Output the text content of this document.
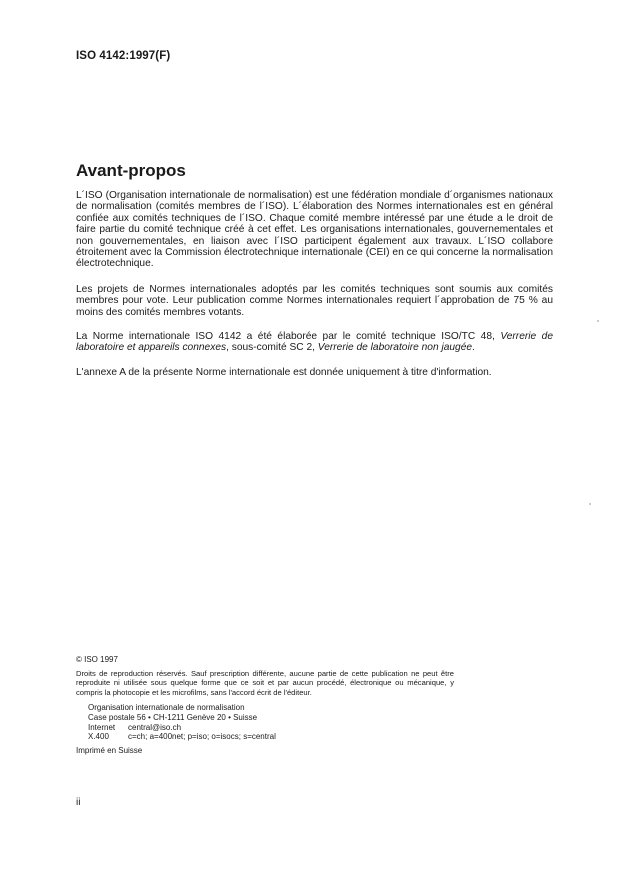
ISO 4142:1997(F)
Avant-propos

L´ISO (Organisation internationale de normalisation) est une fédération mondiale d´organismes nationaux de normalisation (comités membres de l´ISO). L´élaboration des Normes internationales est en général confiée aux comités techniques de l´ISO. Chaque comité membre intéressé par une étude a le droit de faire partie du comité technique créé à cet effet. Les organisations internationales, gouvernementales et non gouvernementales, en liaison avec l´ISO participent également aux travaux. L´ISO collabore étroitement avec la Commission électrotechnique internationale (CEI) en ce qui concerne la normalisation électrotechnique.

Les projets de Normes internationales adoptés par les comités techniques sont soumis aux comités membres pour vote. Leur publication comme Normes internationales requiert l´approbation de 75 % au moins des comités membres votants.

La Norme internationale ISO 4142 a été élaborée par le comité technique ISO/TC 48, Verrerie de laboratoire et appareils connexes, sous-comité SC 2, Verrerie de laboratoire non jaugée.

L'annexe A de la présente Norme internationale est donnée uniquement à titre d'information.

© ISO 1997

Droits de reproduction réservés. Sauf prescription différente, aucune partie de cette publication ne peut être reproduite ni utilisée sous quelque forme que ce soit et par aucun procédé, électronique ou mécanique, y compris la photocopie et les microfilms, sans l'accord écrit de l'éditeur.

Organisation internationale de normalisation
Case postale 56 • CH-1211 Genève 20 • Suisse
Internet	central@iso.ch
X.400	c=ch; a=400net; p=iso; o=isocs; s=central
Imprimé en Suisse
ii
